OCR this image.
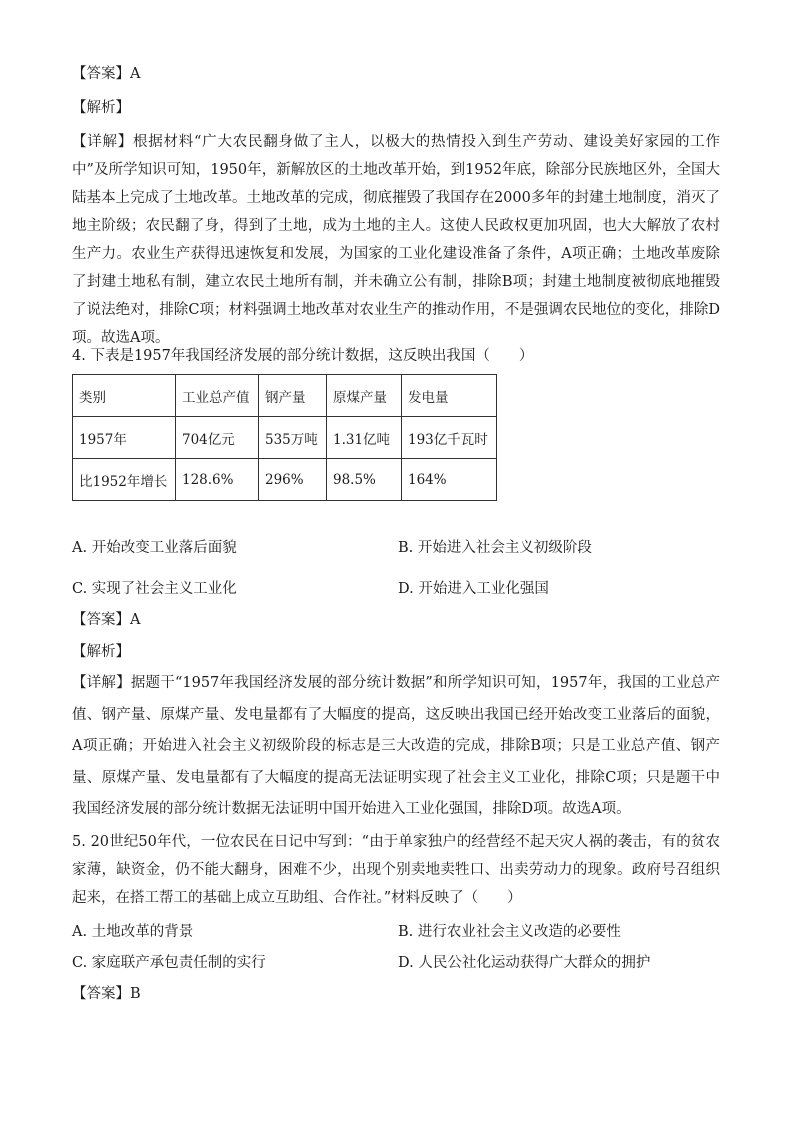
【答案】A
【解析】
【详解】根据材料“广大农民翻身做了主人，以极大的热情投入到生产劳动、建设美好家园的工作中”及所学知识可知，1950年，新解放区的土地改革开始，到1952年底，除部分民族地区外，全国大陆基本上完成了土地改革。土地改革的完成，彻底摧毁了我国存在2000多年的封建土地制度，消灭了地主阶级；农民翻了身，得到了土地，成为土地的主人。这使人民政权更加巩固，也大大解放了农村生产力。农业生产获得迅速恢复和发展，为国家的工业化建设准备了条件，A项正确；土地改革废除了封建土地私有制，建立农民土地所有制，并未确立公有制，排除B项；封建土地制度被彻底地摧毁了说法绝对，排除C项；材料强调土地改革对农业生产的推动作用，不是强调农民地位的变化，排除D项。故选A项。
4. 下表是1957年我国经济发展的部分统计数据，这反映出我国（　　）
类别	工业总产值	钢产量	原煤产量	发电量
1957年	704亿元	535万吨	1.31亿吨	193亿千瓦时
比1952年增长	128.6%	296%	98.5%	164%
A. 开始改变工业落后面貌	B. 开始进入社会主义初级阶段
C. 实现了社会主义工业化	D. 开始进入工业化强国
【答案】A
【解析】
【详解】据题干“1957年我国经济发展的部分统计数据”和所学知识可知，1957年，我国的工业总产值、钢产量、原煤产量、发电量都有了大幅度的提高，这反映出我国已经开始改变工业落后的面貌，A项正确；开始进入社会主义初级阶段的标志是三大改造的完成，排除B项；只是工业总产值、钢产量、原煤产量、发电量都有了大幅度的提高无法证明实现了社会主义工业化，排除C项；只是题干中我国经济发展的部分统计数据无法证明中国开始进入工业化强国，排除D项。故选A项。
5. 20世纪50年代，一位农民在日记中写到：“由于单家独户的经营经不起天灾人祸的袭击，有的贫农家薄，缺资金，仍不能大翻身，困难不少，出现个别卖地卖牲口、出卖劳动力的现象。政府号召组织起来，在搭工帮工的基础上成立互助组、合作社。”材料反映了（　　）
A. 土地改革的背景	B. 进行农业社会主义改造的必要性
C. 家庭联产承包责任制的实行	D. 人民公社化运动获得广大群众的拥护
【答案】B
